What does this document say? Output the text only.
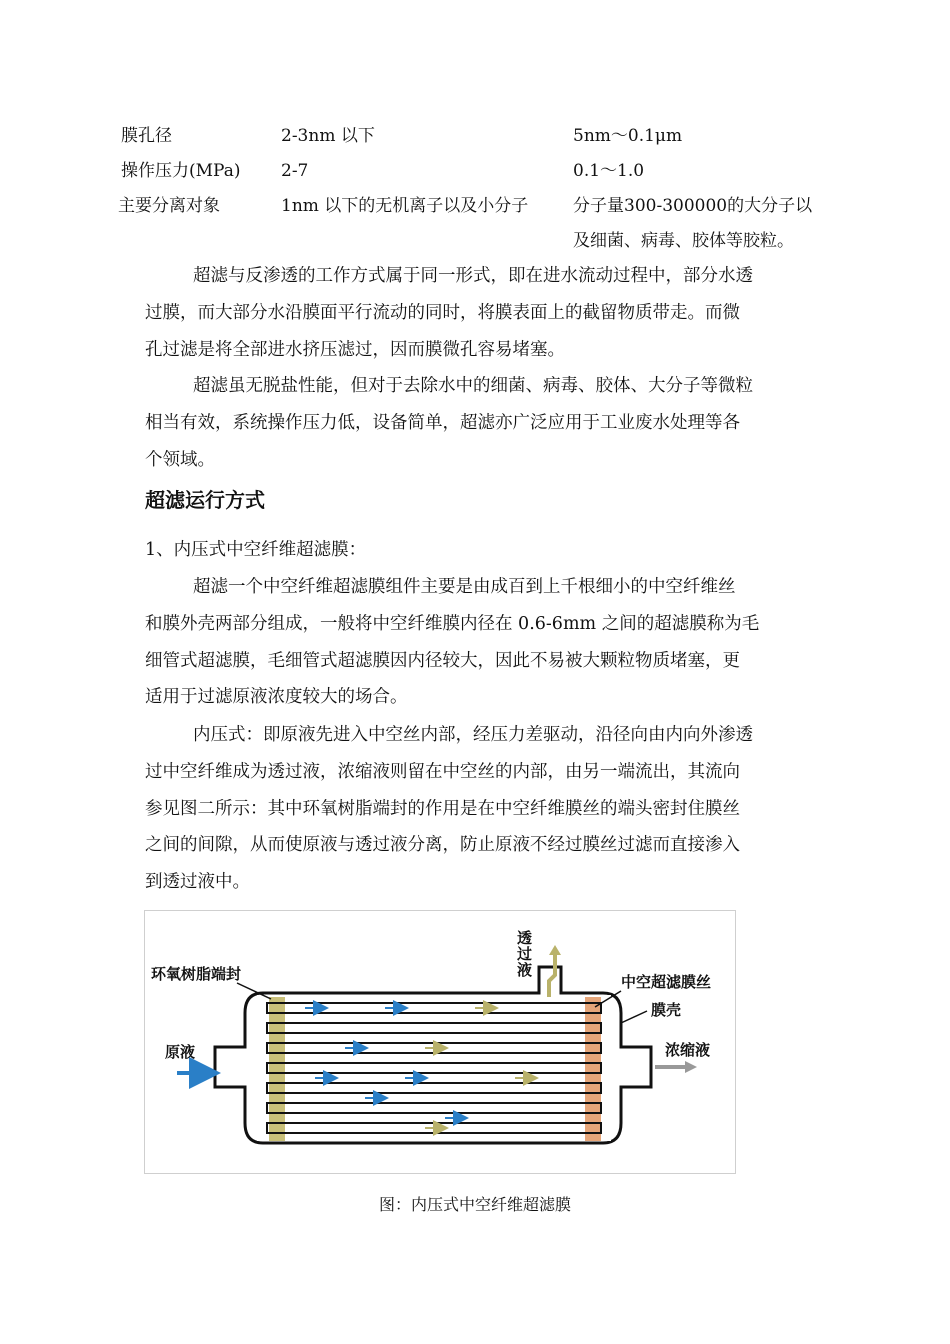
膜孔径	2-3nm 以下	5nm～0.1μm
操作压力(MPa) 2-7	0.1～1.0
主要分离对象	1nm 以下的无机离子以及小分子	分子量300-300000的大分子以
及细菌、病毒、胶体等胶粒。

超滤与反渗透的工作方式属于同一形式，即在进水流动过程中，部分水透

过膜，而大部分水沿膜面平行流动的同时，将膜表面上的截留物质带走。而微

孔过滤是将全部进水挤压滤过，因而膜微孔容易堵塞。

超滤虽无脱盐性能，但对于去除水中的细菌、病毒、胶体、大分子等微粒

相当有效，系统操作压力低，设备简单，超滤亦广泛应用于工业废水处理等各

个领域。

超滤运行方式

1、内压式中空纤维超滤膜：

超滤一个中空纤维超滤膜组件主要是由成百到上千根细小的中空纤维丝

和膜外壳两部分组成，一般将中空纤维膜内径在 0.6-6mm 之间的超滤膜称为毛

细管式超滤膜，毛细管式超滤膜因内径较大，因此不易被大颗粒物质堵塞，更

适用于过滤原液浓度较大的场合。

内压式：即原液先进入中空丝内部，经压力差驱动，沿径向由内向外渗透

过中空纤维成为透过液，浓缩液则留在中空丝的内部，由另一端流出，其流向

参见图二所示：其中环氧树脂端封的作用是在中空纤维膜丝的端头密封住膜丝

之间的间隙，从而使原液与透过液分离，防止原液不经过膜丝过滤而直接渗入

到透过液中。

环氧树脂端封
透
过
液
中空超滤膜丝
膜壳
原液	浓缩液
图：内压式中空纤维超滤膜
